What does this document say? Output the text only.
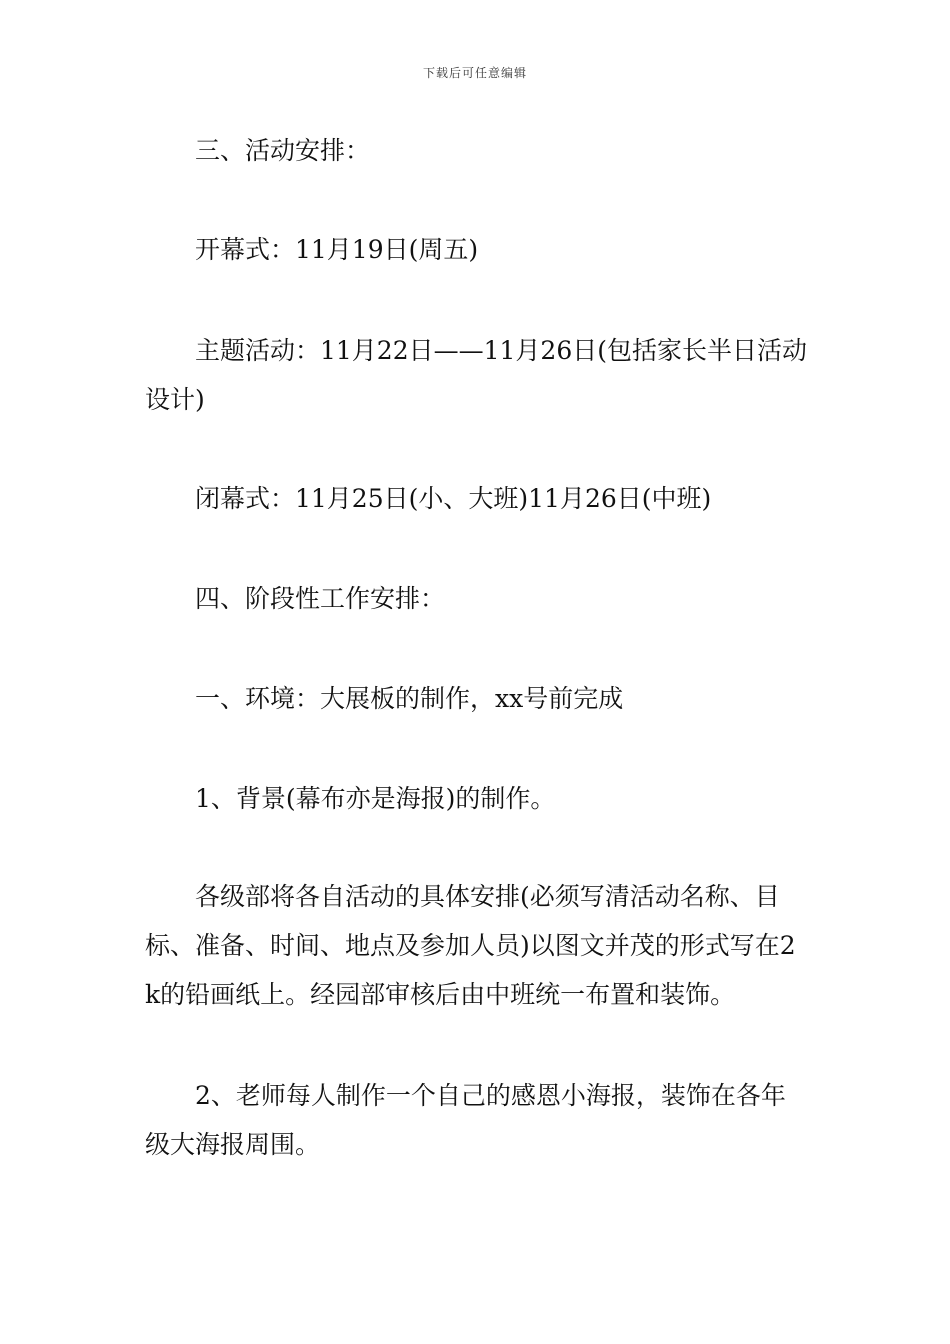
下载后可任意编辑

三、活动安排：

开幕式：11月19日(周五)

主题活动：11月22日——11月26日(包括家长半日活动设计)

闭幕式：11月25日(小、大班)11月26日(中班)

四、阶段性工作安排：

一、环境：大展板的制作，xx号前完成

1、背景(幕布亦是海报)的制作。

各级部将各自活动的具体安排(必须写清活动名称、目标、准备、时间、地点及参加人员)以图文并茂的形式写在2k的铅画纸上。经园部审核后由中班统一布置和装饰。

2、老师每人制作一个自己的感恩小海报，装饰在各年级大海报周围。
